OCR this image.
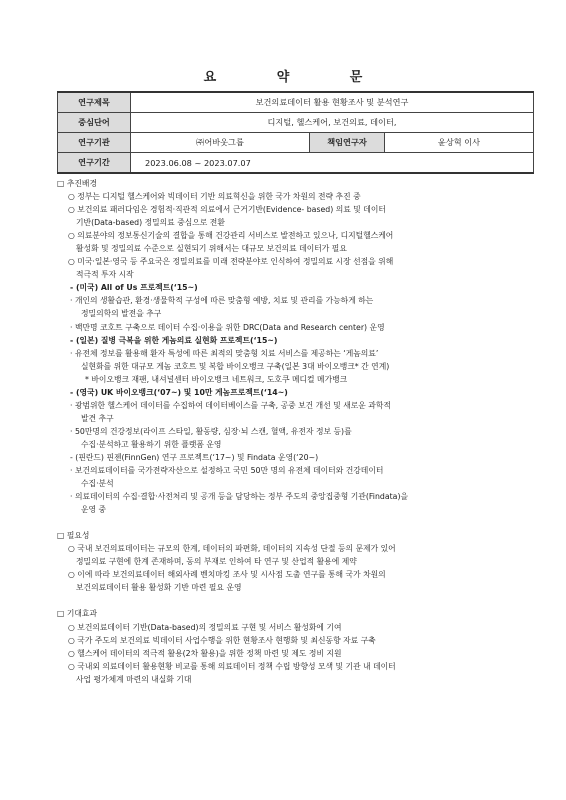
요 약 문
연구제목	보건의료데이터 활용 현황조사 및 분석연구		
중심단어	디지털, 헬스케어, 보건의료, 데이터,		
연구기관	㈜어바웃그룹	책임연구자	윤상혁 이사
연구기간	2023.06.08 ~ 2023.07.07		
□ 추진배경
○ 정부는 디지털 헬스케어와 빅데이터 기반 의료혁신을 위한 국가 차원의 전략 추진 중
○ 보건의료 패러다임은 경험적·직관적 의료에서 근거기반(Evidence- based) 의료 및 데이터
기반(Data-based) 정밀의료 중심으로 전환
○ 의료분야의 정보통신기술의 결합을 통해 건강관리 서비스로 발전하고 있으나, 디지털헬스케어
활성화 및 정밀의료 수준으로 실현되기 위해서는 대규모 보건의료 데이터가 필요
○ 미국·일본·영국 등 주요국은 정밀의료를 미래 전략분야로 인식하여 정밀의료 시장 선점을 위해
적극적 투자 시작
- (미국) All of Us 프로젝트(‘15~)
· 개인의 생활습관, 환경·생물학적 구성에 따른 맞춤형 예방, 치료 및 관리를 가능하게 하는
정밀의학의 발전을 추구
· 백만명 코호트 구축으로 데이터 수집·이용을 위한 DRC(Data and Research center) 운영
- (일본) 질병 극복을 위한 게놈의료 실현화 프로젝트(‘15~)
· 유전체 정보를 활용해 환자 특성에 따른 최적의 맞춤형 치료 서비스를 제공하는 ‘게놈의료’
실현화를 위한 대규모 게놈 코호트 및 복합 바이오뱅크 구축(일본 3대 바이오뱅크* 간 연계)
* 바이오뱅크 재팬, 내셔널센터 바이오뱅크 네트워크, 도호쿠 메디컬 메가뱅크
- (영국) UK 바이오뱅크(‘07~) 및 10만 게놈프로젝트(‘14~)
· 광범위한 헬스케어 데이터를 수집하여 데이터베이스를 구축, 공중 보건 개선 및 새로운 과학적
발견 추구
· 50만명의 건강정보(라이프 스타일, 활동량, 심장·뇌 스캔, 혈액, 유전자 정보 등)를
수집·분석하고 활용하기 위한 플랫폼 운영
- (핀란드) 핀젠(FinnGen) 연구 프로젝트(‘17~) 및 Findata 운영(‘20~)
· 보건의료데이터를 국가전략자산으로 설정하고 국민 50만 명의 유전체 데이터와 건강데이터
수집·분석
· 의료데이터의 수집·결합·사전처리 및 공개 등을 담당하는 정부 주도의 중앙집중형 기관(Findata)을
운영 중
□ 필요성
○ 국내 보건의료데이터는 규모의 한계, 데이터의 파편화, 데이터의 지속성 단절 등의 문제가 있어
정밀의료 구현에 한계 존재하며, 동의 부재로 인하여 타 연구 및 산업적 활용에 제약
○ 이에 따라 보건의료데이터 해외사례 벤치마킹 조사 및 시사점 도출 연구를 통해 국가 차원의
보건의료데이터 활용 활성화 기반 마련 필요 운영
□ 기대효과
○ 보건의료데이터 기반(Data-based)의 정밀의료 구현 및 서비스 활성화에 기여
○ 국가 주도의 보건의료 빅데이터 사업수행을 위한 현황조사 현행화 및 최신동향 자료 구축
○ 헬스케어 데이터의 적극적 활용(2차 활용)을 위한 정책 마련 및 제도 정비 지원
○ 국내외 의료데이터 활용현황 비교를 통해 의료데이터 정책 수립 방향성 모색 및 기관 내 데이터
사업 평가체계 마련의 내실화 기대
